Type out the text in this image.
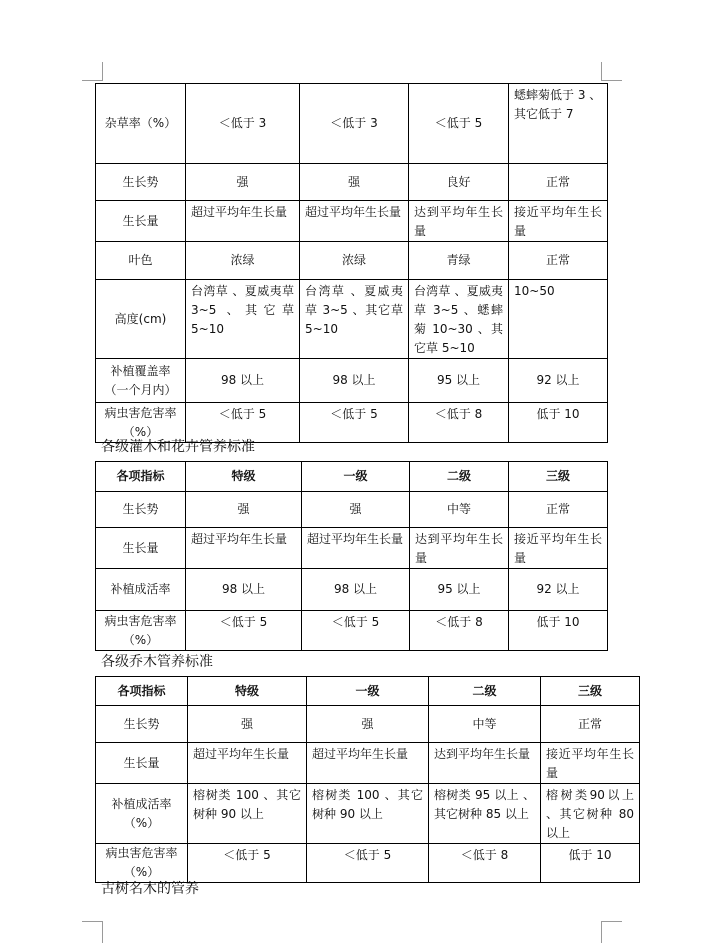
杂草率（%）	＜低于 3	＜低于 3	＜低于 5	蟋蟀菊低于 3 、其它低于 7
生长势	强	强	良好	正常
生长量	超过平均年生长量	超过平均年生长量	达到平均年生长量	接近平均年生长量
叶色	浓绿	浓绿	青绿	正常
高度(cm)	台湾草 、夏威夷草 3~5 、其它草 5~10	台湾草 、夏威夷草 3~5 、其它草 5~10	台湾草 、夏威夷草 3~5 、蟋蟀菊 10~30 、其它草 5~10	10~50
补植覆盖率（一个月内）	98 以上	98 以上	95 以上	92 以上
病虫害危害率（%）	＜低于 5	＜低于 5	＜低于 8	低于 10
各级灌木和花卉管养标准
各项指标	特级	一级	二级	三级
生长势	强	强	中等	正常
生长量	超过平均年生长量	超过平均年生长量	达到平均年生长量	接近平均年生长量
补植成活率	98 以上	98 以上	95 以上	92 以上
病虫害危害率（%）	＜低于 5	＜低于 5	＜低于 8	低于 10
各级乔木管养标准
各项指标	特级	一级	二级	三级
生长势	强	强	中等	正常
生长量	超过平均年生长量	超过平均年生长量	达到平均年生长量	接近平均年生长量
补植成活率（%）	榕树类 100 、其它树种 90 以上	榕树类 100 、其它树种 90 以上	榕树类 95 以上 、其它树种 85 以上	榕树类90以上 、其它树种 80 以上
病虫害危害率（%）	＜低于 5	＜低于 5	＜低于 8	低于 10
古树名木的管养
